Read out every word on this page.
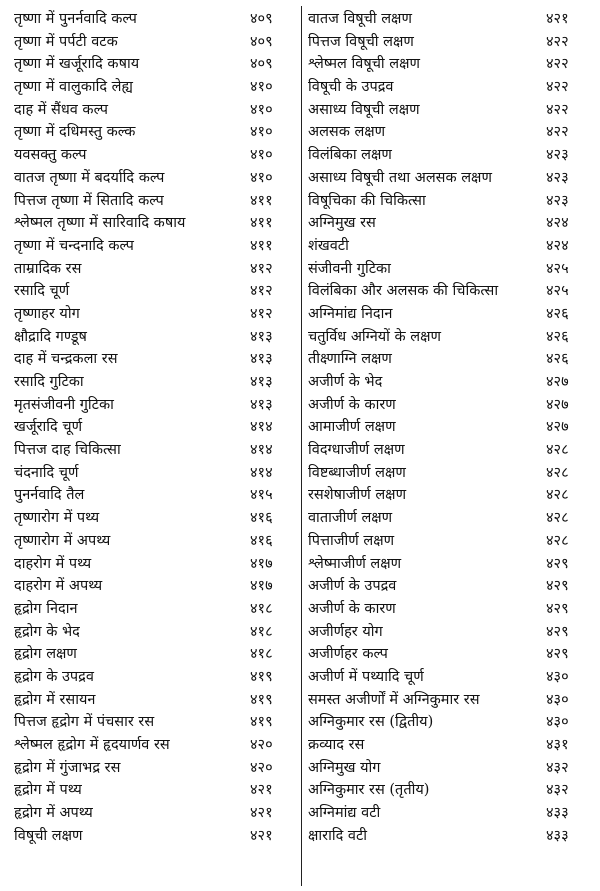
तृष्णा में पुनर्नवादि कल्प	४०९
तृष्णा में पर्पटी वटक	४०९
तृष्णा में खर्जूरादि कषाय	४०९
तृष्णा में वालुकादि लेह्य	४१०
दाह में सैंधव कल्प	४१०
तृष्णा में दधिमस्तु कल्क	४१०
यवसक्तु कल्प	४१०
वातज तृष्णा में बदर्यादि कल्प	४१०
पित्तज तृष्णा में सितादि कल्प	४११
श्लेष्मल तृष्णा में सारिवादि कषाय	४११
तृष्णा में चन्दनादि कल्प	४११
ताम्रादिक रस	४१२
रसादि चूर्ण	४१२
तृष्णाहर योग	४१२
क्षौद्रादि गण्डूष	४१३
दाह में चन्द्रकला रस	४१३
रसादि गुटिका	४१३
मृतसंजीवनी गुटिका	४१३
खर्जूरादि चूर्ण	४१४
पित्तज दाह चिकित्सा	४१४
चंदनादि चूर्ण	४१४
पुनर्नवादि तैल	४१५
तृष्णारोग में पथ्य	४१६
तृष्णारोग में अपथ्य	४१६
दाहरोग में पथ्य	४१७
दाहरोग में अपथ्य	४१७
हृद्रोग निदान	४१८
हृद्रोग के भेद	४१८
हृद्रोग लक्षण	४१८
हृद्रोग के उपद्रव	४१९
हृद्रोग में रसायन	४१९
पित्तज हृद्रोग में पंचसार रस	४१९
श्लेष्मल हृद्रोग में हृदयार्णव रस	४२०
हृद्रोग में गुंजाभद्र रस	४२०
हृद्रोग में पथ्य	४२१
हृद्रोग में अपथ्य	४२१
विषूची लक्षण	४२१
वातज विषूची लक्षण	४२१
पित्तज विषूची लक्षण	४२२
श्लेष्मल विषूची लक्षण	४२२
विषूची के उपद्रव	४२२
असाध्य विषूची लक्षण	४२२
अलसक लक्षण	४२२
विलंबिका लक्षण	४२३
असाध्य विषूची तथा अलसक लक्षण	४२३
विषूचिका की चिकित्सा	४२३
अग्निमुख रस	४२४
शंखवटी	४२४
संजीवनी गुटिका	४२५
विलंबिका और अलसक की चिकित्सा	४२५
अग्निमांद्य निदान	४२६
चतुर्विध अग्नियों के लक्षण	४२६
तीक्ष्णाग्नि लक्षण	४२६
अजीर्ण के भेद	४२७
अजीर्ण के कारण	४२७
आमाजीर्ण लक्षण	४२७
विदग्धाजीर्ण लक्षण	४२८
विष्टब्धाजीर्ण लक्षण	४२८
रसशेषाजीर्ण लक्षण	४२८
वाताजीर्ण लक्षण	४२८
पित्ताजीर्ण लक्षण	४२८
श्लेष्माजीर्ण लक्षण	४२९
अजीर्ण के उपद्रव	४२९
अजीर्ण के कारण	४२९
अजीर्णहर योग	४२९
अजीर्णहर कल्प	४२९
अजीर्ण में पथ्यादि चूर्ण	४३०
समस्त अजीर्णों में अग्निकुमार रस	४३०
अग्निकुमार रस (द्वितीय)	४३०
क्रव्याद रस	४३१
अग्निमुख योग	४३२
अग्निकुमार रस (तृतीय)	४३२
अग्निमांद्य वटी	४३३
क्षारादि वटी	४३३
